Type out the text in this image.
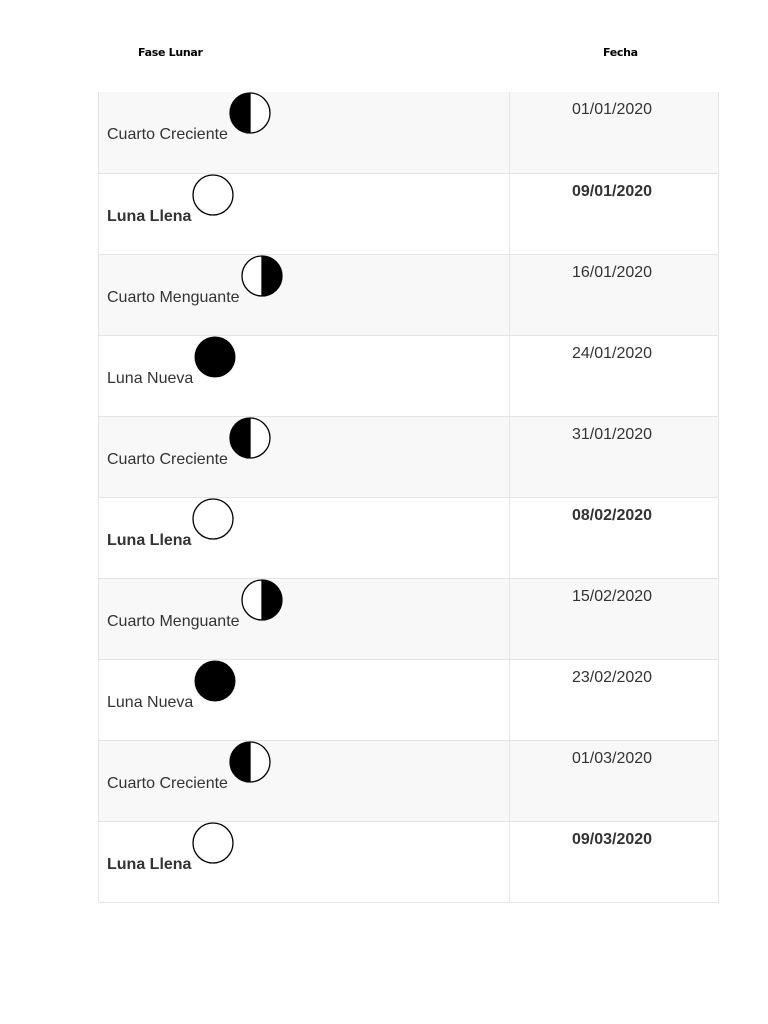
Fase Lunar	Fecha
Cuarto Creciente	01/01/2020

Luna Llena	09/01/2020

Cuarto Menguante	16/01/2020

Luna Nueva	24/01/2020

Cuarto Creciente	31/01/2020

Luna Llena	08/02/2020

Cuarto Menguante	15/02/2020

Luna Nueva	23/02/2020

Cuarto Creciente	01/03/2020

Luna Llena	09/03/2020
